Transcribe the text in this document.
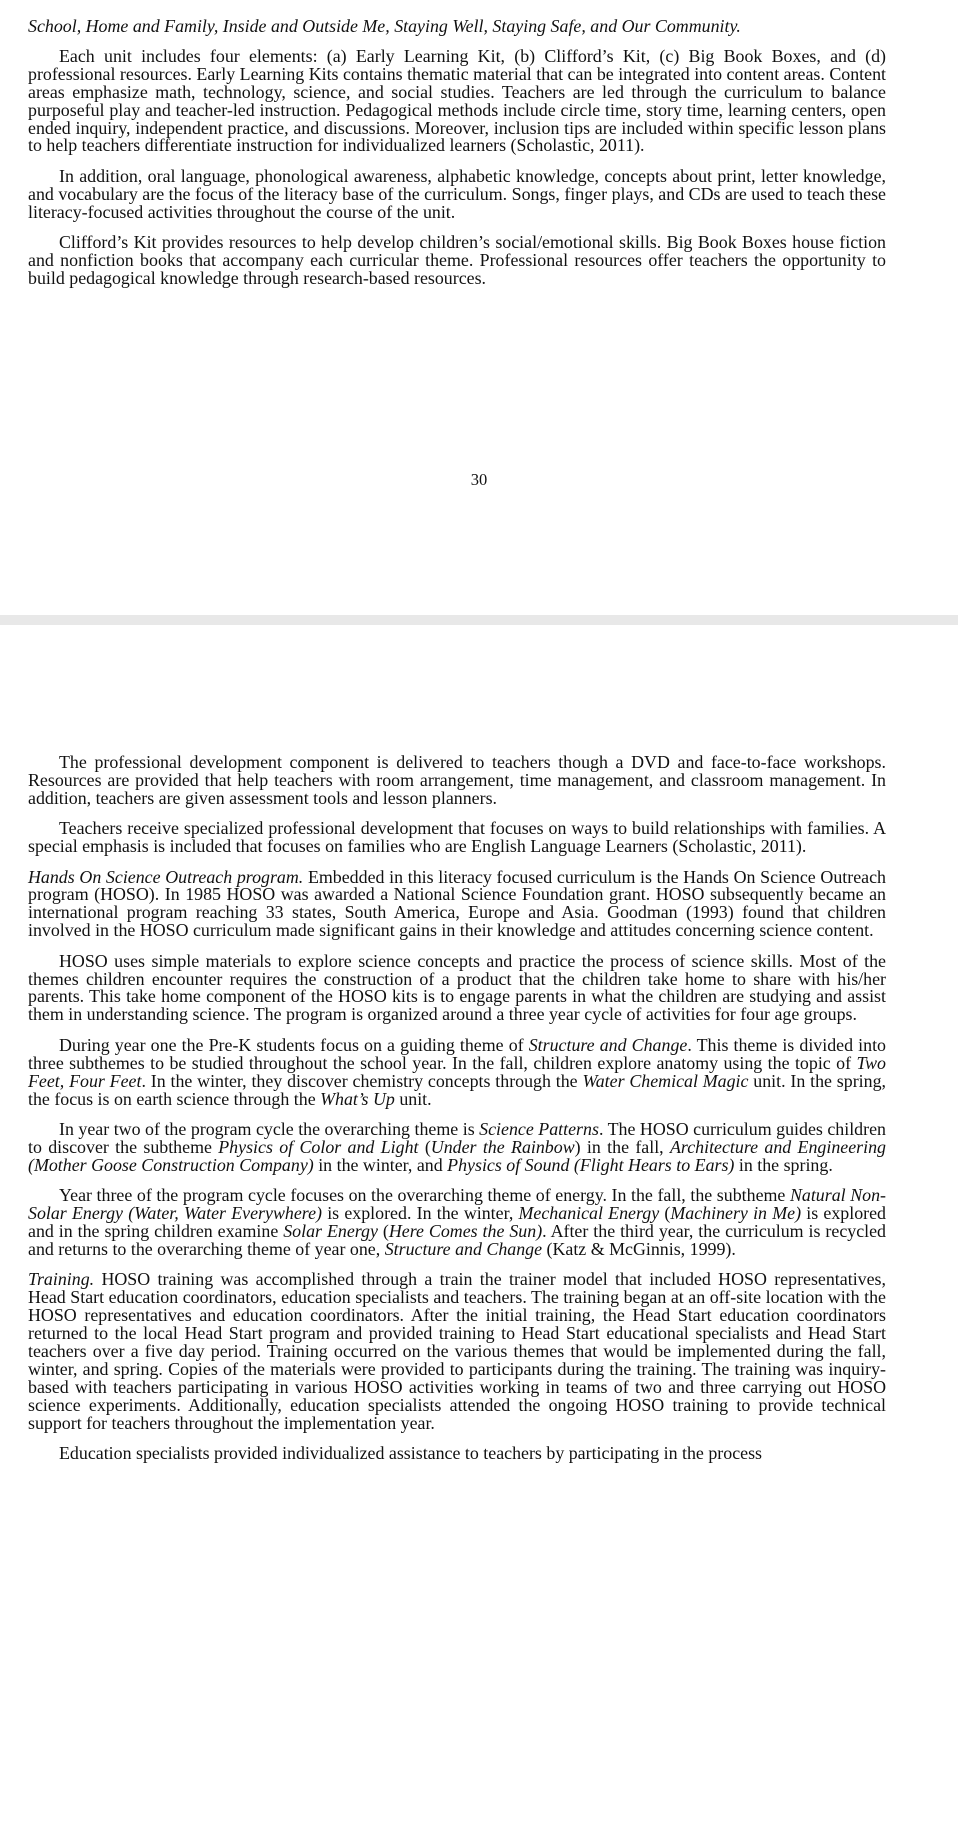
School, Home and Family, Inside and Outside Me, Staying Well, Staying Safe, and Our Community.

Each unit includes four elements: (a) Early Learning Kit, (b) Clifford’s Kit, (c) Big Book Boxes, and (d) professional resources. Early Learning Kits contains thematic material that can be integrated into content areas. Content areas emphasize math, technology, science, and social studies. Teachers are led through the curriculum to balance purposeful play and teacher-led instruction. Pedagogical methods include circle time, story time, learning centers, open ended inquiry, independent practice, and discussions. Moreover, inclusion tips are included within specific lesson plans to help teachers differentiate instruction for individualized learners (Scholastic, 2011).

In addition, oral language, phonological awareness, alphabetic knowledge, concepts about print, letter knowledge, and vocabulary are the focus of the literacy base of the curriculum. Songs, finger plays, and CDs are used to teach these literacy-focused activities throughout the course of the unit.

Clifford’s Kit provides resources to help develop children’s social/emotional skills. Big Book Boxes house fiction and nonfiction books that accompany each curricular theme. Professional resources offer teachers the opportunity to build pedagogical knowledge through research-based resources.

30

The professional development component is delivered to teachers though a DVD and face-to-face workshops. Resources are provided that help teachers with room arrangement, time management, and classroom management. In addition, teachers are given assessment tools and lesson planners.

Teachers receive specialized professional development that focuses on ways to build relationships with families. A special emphasis is included that focuses on families who are English Language Learners (Scholastic, 2011).

Hands On Science Outreach program. Embedded in this literacy focused curriculum is the Hands On Science Outreach program (HOSO). In 1985 HOSO was awarded a National Science Foundation grant. HOSO subsequently became an international program reaching 33 states, South America, Europe and Asia. Goodman (1993) found that children involved in the HOSO curriculum made significant gains in their knowledge and attitudes concerning science content.

HOSO uses simple materials to explore science concepts and practice the process of science skills. Most of the themes children encounter requires the construction of a product that the children take home to share with his/her parents. This take home component of the HOSO kits is to engage parents in what the children are studying and assist them in understanding science. The program is organized around a three year cycle of activities for four age groups.

During year one the Pre-K students focus on a guiding theme of Structure and Change. This theme is divided into three subthemes to be studied throughout the school year. In the fall, children explore anatomy using the topic of Two Feet, Four Feet. In the winter, they discover chemistry concepts through the Water Chemical Magic unit. In the spring, the focus is on earth science through the What’s Up unit.

In year two of the program cycle the overarching theme is Science Patterns. The HOSO curriculum guides children to discover the subtheme Physics of Color and Light (Under the Rainbow) in the fall, Architecture and Engineering (Mother Goose Construction Company) in the winter, and Physics of Sound (Flight Hears to Ears) in the spring.

Year three of the program cycle focuses on the overarching theme of energy. In the fall, the subtheme Natural Non-Solar Energy (Water, Water Everywhere) is explored. In the winter, Mechanical Energy (Machinery in Me) is explored and in the spring children examine Solar Energy (Here Comes the Sun). After the third year, the curriculum is recycled and returns to the overarching theme of year one, Structure and Change (Katz & McGinnis, 1999).

Training. HOSO training was accomplished through a train the trainer model that included HOSO representatives, Head Start education coordinators, education specialists and teachers. The training began at an off-site location with the HOSO representatives and education coordinators. After the initial training, the Head Start education coordinators returned to the local Head Start program and provided training to Head Start educational specialists and Head Start teachers over a five day period. Training occurred on the various themes that would be implemented during the fall, winter, and spring. Copies of the materials were provided to participants during the training. The training was inquiry-based with teachers participating in various HOSO activities working in teams of two and three carrying out HOSO science experiments. Additionally, education specialists attended the ongoing HOSO training to provide technical support for teachers throughout the implementation year.

Education specialists provided individualized assistance to teachers by participating in the process
